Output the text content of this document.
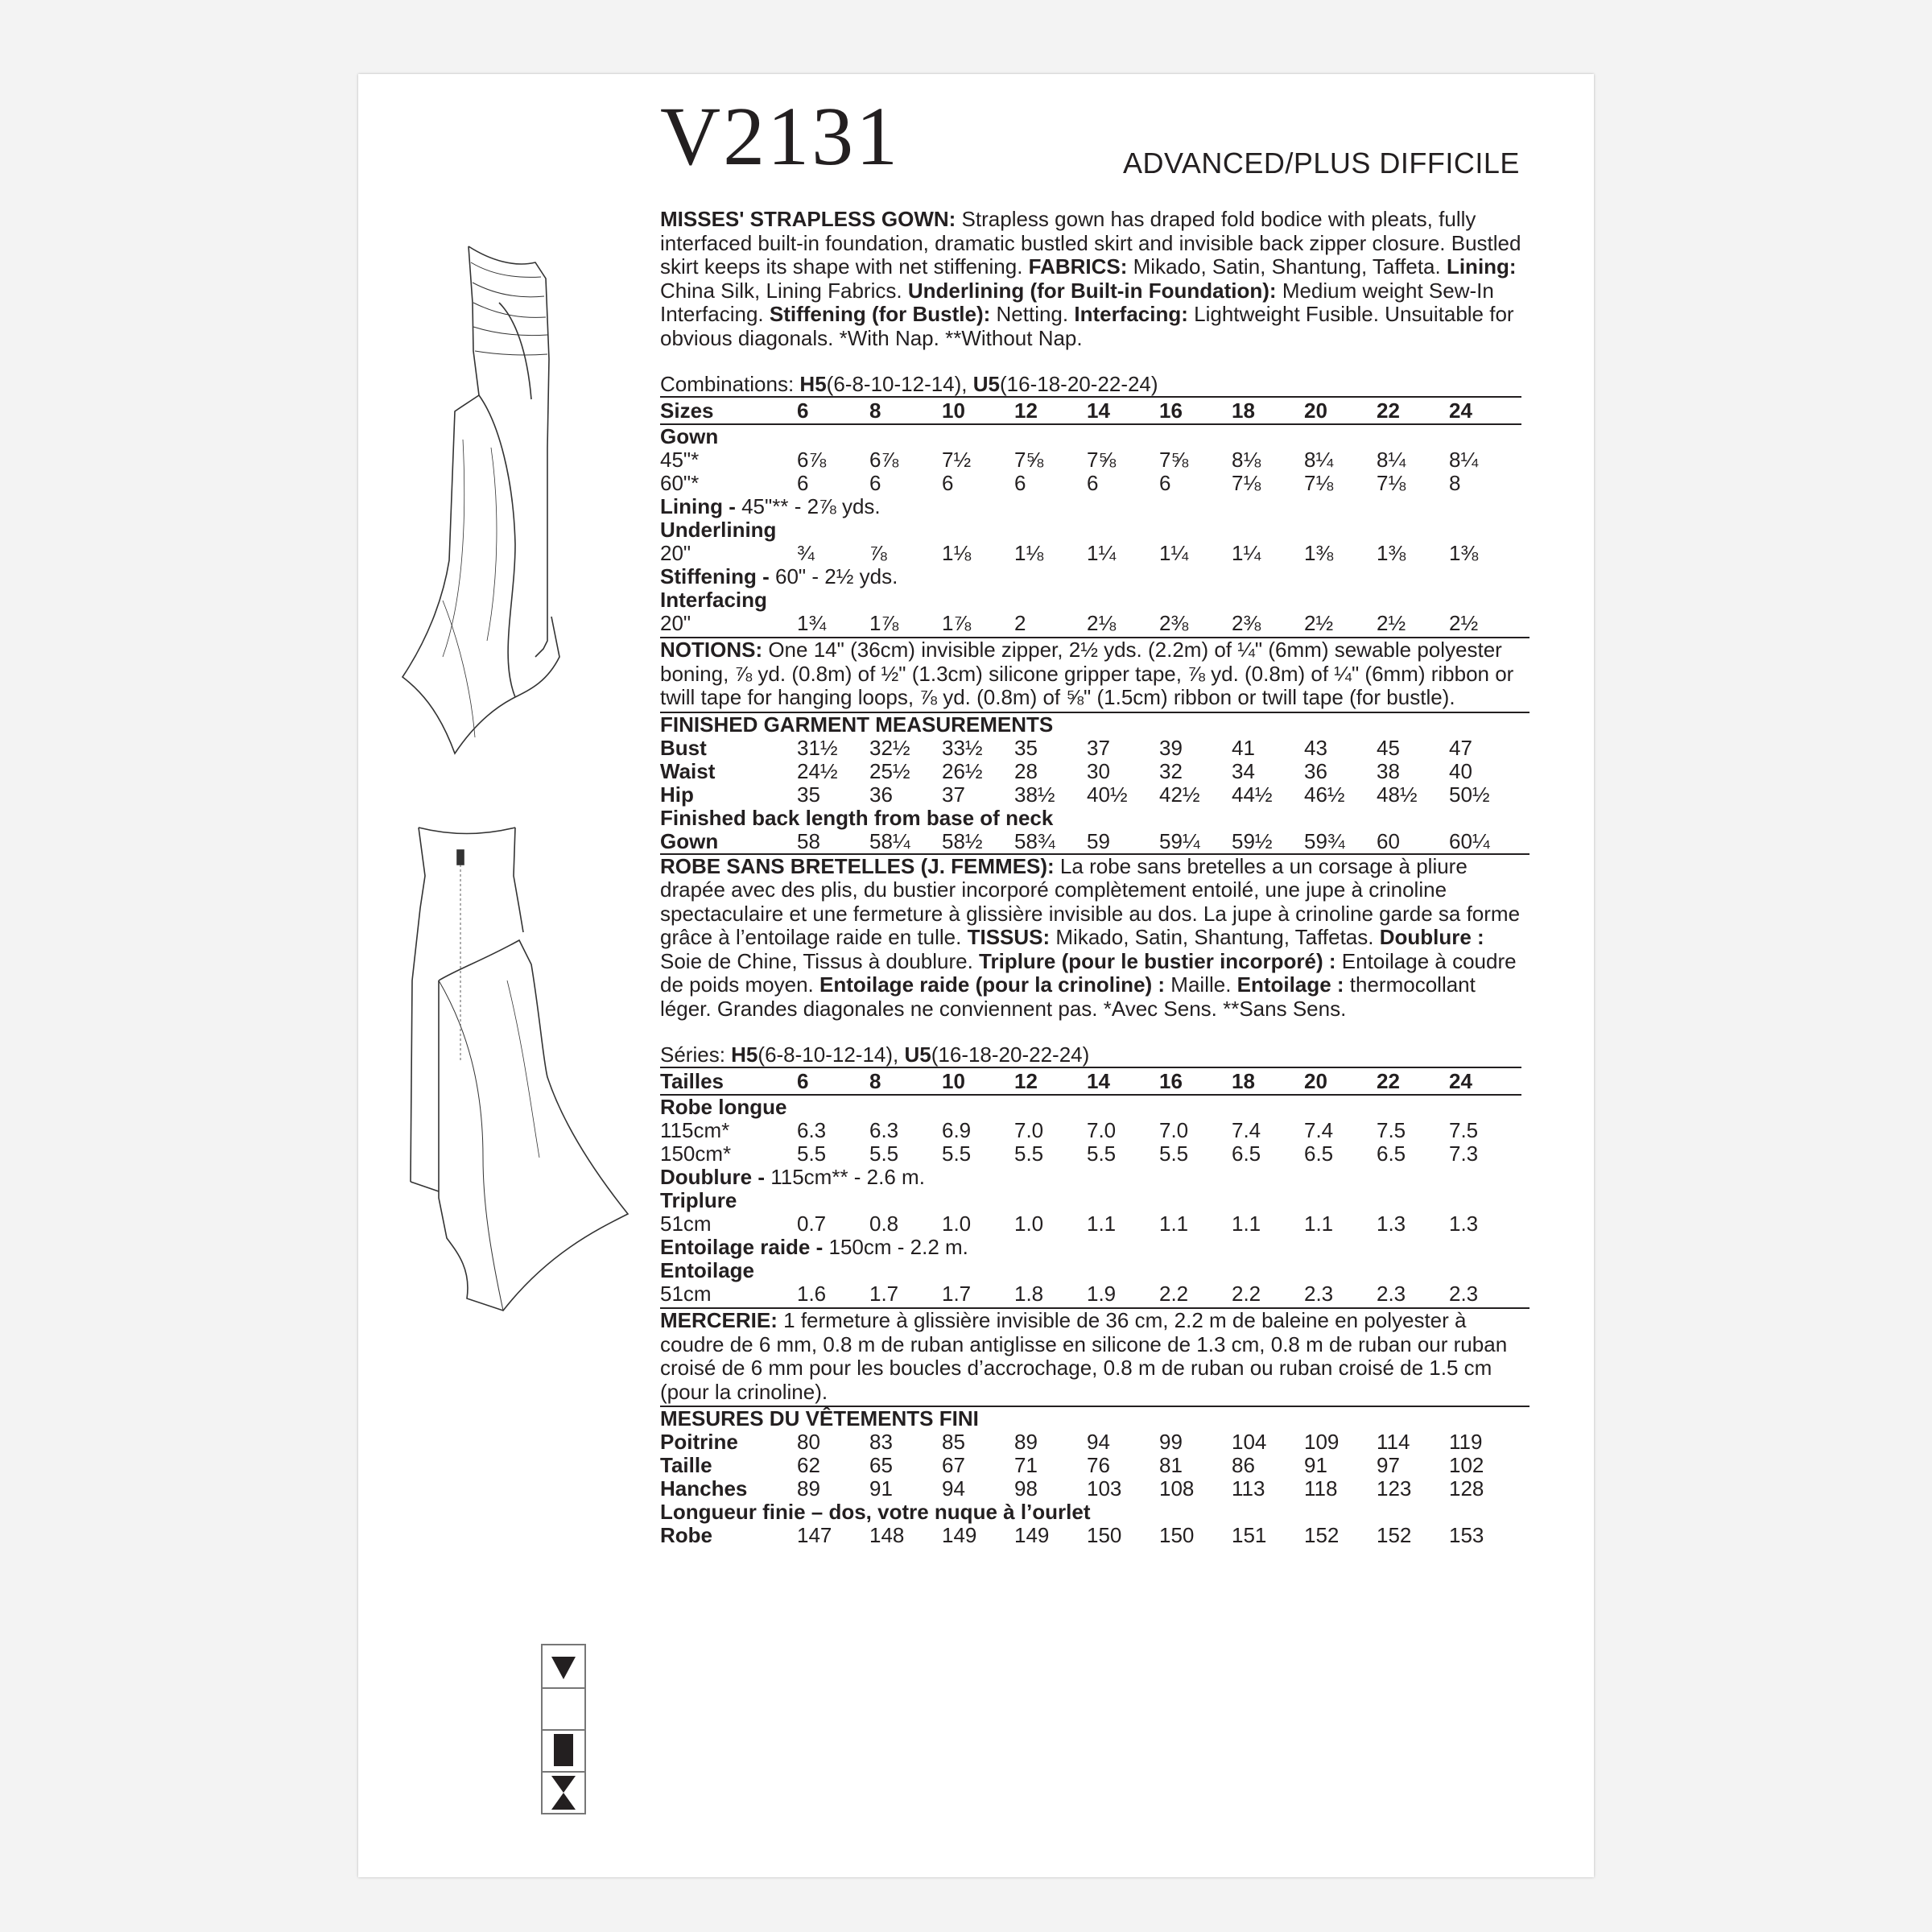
V2131	ADVANCED/PLUS DIFFICILE
MISSES' STRAPLESS GOWN: Strapless gown has draped fold bodice with pleats, fully interfaced built-in foundation, dramatic bustled skirt and invisible back zipper closure. Bustled skirt keeps its shape with net stiffening. FABRICS: Mikado, Satin, Shantung, Taffeta. Lining: China Silk, Lining Fabrics. Underlining (for Built-in Foundation): Medium weight Sew-In Interfacing. Stiffening (for Bustle): Netting. Interfacing: Lightweight Fusible. Unsuitable for obvious diagonals. *With Nap. **Without Nap.
Combinations: H5(6-8-10-12-14), U5(16-18-20-22-24)
Sizes	6	8	10	12	14	16	18	20	22	24
Gown										
45"*	6⅞	6⅞	7½	7⅝	7⅝	7⅝	8⅛	8¼	8¼	8¼
60"*	6	6	6	6	6	6	7⅛	7⅛	7⅛	8
Lining - 45"** - 2⅞ yds.										
Underlining										
20"	¾	⅞	1⅛	1⅛	1¼	1¼	1¼	1⅜	1⅜	1⅜
Stiffening - 60" - 2½ yds.										
Interfacing										
20"	1¾	1⅞	1⅞	2	2⅛	2⅜	2⅜	2½	2½	2½
NOTIONS: One 14" (36cm) invisible zipper, 2½ yds. (2.2m) of ¼" (6mm) sewable polyester boning, ⅞ yd. (0.8m) of ½" (1.3cm) silicone gripper tape, ⅞ yd. (0.8m) of ¼" (6mm) ribbon or twill tape for hanging loops, ⅞ yd. (0.8m) of ⅝" (1.5cm) ribbon or twill tape (for bustle).
FINISHED GARMENT MEASUREMENTS
Bust	31½	32½	33½	35	37	39	41	43	45	47
Waist	24½	25½	26½	28	30	32	34	36	38	40
Hip	35	36	37	38½	40½	42½	44½	46½	48½	50½
Finished back length from base of neck										
Gown	58	58¼	58½	58¾	59	59¼	59½	59¾	60	60¼
ROBE SANS BRETELLES (J. FEMMES): La robe sans bretelles a un corsage à pliure drapée avec des plis, du bustier incorporé complètement entoilé, une jupe à crinoline spectaculaire et une fermeture à glissière invisible au dos. La jupe à crinoline garde sa forme grâce à l’entoilage raide en tulle. TISSUS: Mikado, Satin, Shantung, Taffetas. Doublure : Soie de Chine, Tissus à doublure. Triplure (pour le bustier incorporé) : Entoilage à coudre de poids moyen. Entoilage raide (pour la crinoline) : Maille. Entoilage : thermocollant léger. Grandes diagonales ne conviennent pas. *Avec Sens. **Sans Sens.
Séries: H5(6-8-10-12-14), U5(16-18-20-22-24)
Tailles	6	8	10	12	14	16	18	20	22	24
Robe longue										
115cm*	6.3	6.3	6.9	7.0	7.0	7.0	7.4	7.4	7.5	7.5
150cm*	5.5	5.5	5.5	5.5	5.5	5.5	6.5	6.5	6.5	7.3
Doublure - 115cm** - 2.6 m.										
Triplure										
51cm	0.7	0.8	1.0	1.0	1.1	1.1	1.1	1.1	1.3	1.3
Entoilage raide - 150cm - 2.2 m.										
Entoilage										
51cm	1.6	1.7	1.7	1.8	1.9	2.2	2.2	2.3	2.3	2.3
MERCERIE: 1 fermeture à glissière invisible de 36 cm, 2.2 m de baleine en polyester à coudre de 6 mm, 0.8 m de ruban antiglisse en silicone de 1.3 cm, 0.8 m de ruban our ruban croisé de 6 mm pour les boucles d’accrochage, 0.8 m de ruban ou ruban croisé de 1.5 cm (pour la crinoline).
MESURES DU VÊTEMENTS FINI
Poitrine	80	83	85	89	94	99	104	109	114	119
Taille	62	65	67	71	76	81	86	91	97	102
Hanches	89	91	94	98	103	108	113	118	123	128
Longueur finie – dos, votre nuque à l’ourlet										
Robe	147	148	149	149	150	150	151	152	152	153
